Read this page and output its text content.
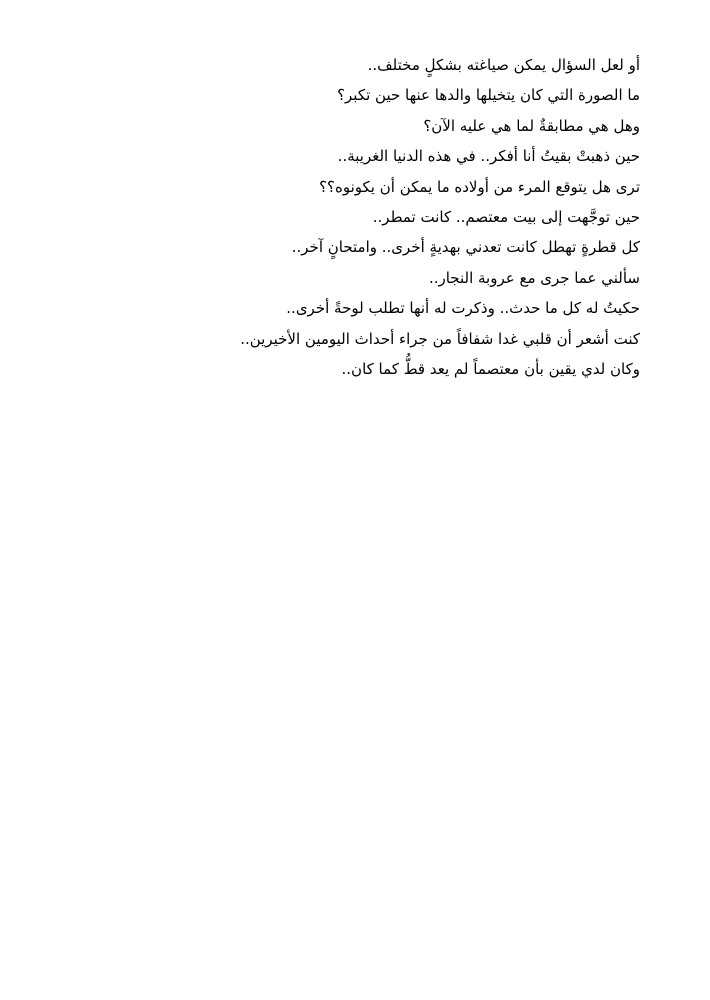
أو لعل السؤال يمكن صياغته بشكلٍ مختلف..
ما الصورة التي كان يتخيلها والدها عنها حين تكبر؟
وهل هي مطابقةٌ لما هي عليه الآن؟
حين ذهبتْ بقيتُ أنا أفكر.. في هذه الدنيا الغريبة..
ترى هل يتوقع المرء من أولاده ما يمكن أن يكونوه؟؟
حين توجَّهت إلى بيت معتصم.. كانت تمطر..
كل قطرةٍ تهطل كانت تعدني بهديةٍ أخرى.. وامتحانٍ آخر..
سألني عما جرى مع عروبة النجار..
حكيتُ له كل ما حدث.. وذكرت له أنها تطلب لوحةً أخرى..
كنت أشعر أن قلبي غدا شفافاً من جراء أحداث اليومين الأخيرين..
وكان لدي يقين بأن معتصماً لم يعد قطُّ كما كان..
